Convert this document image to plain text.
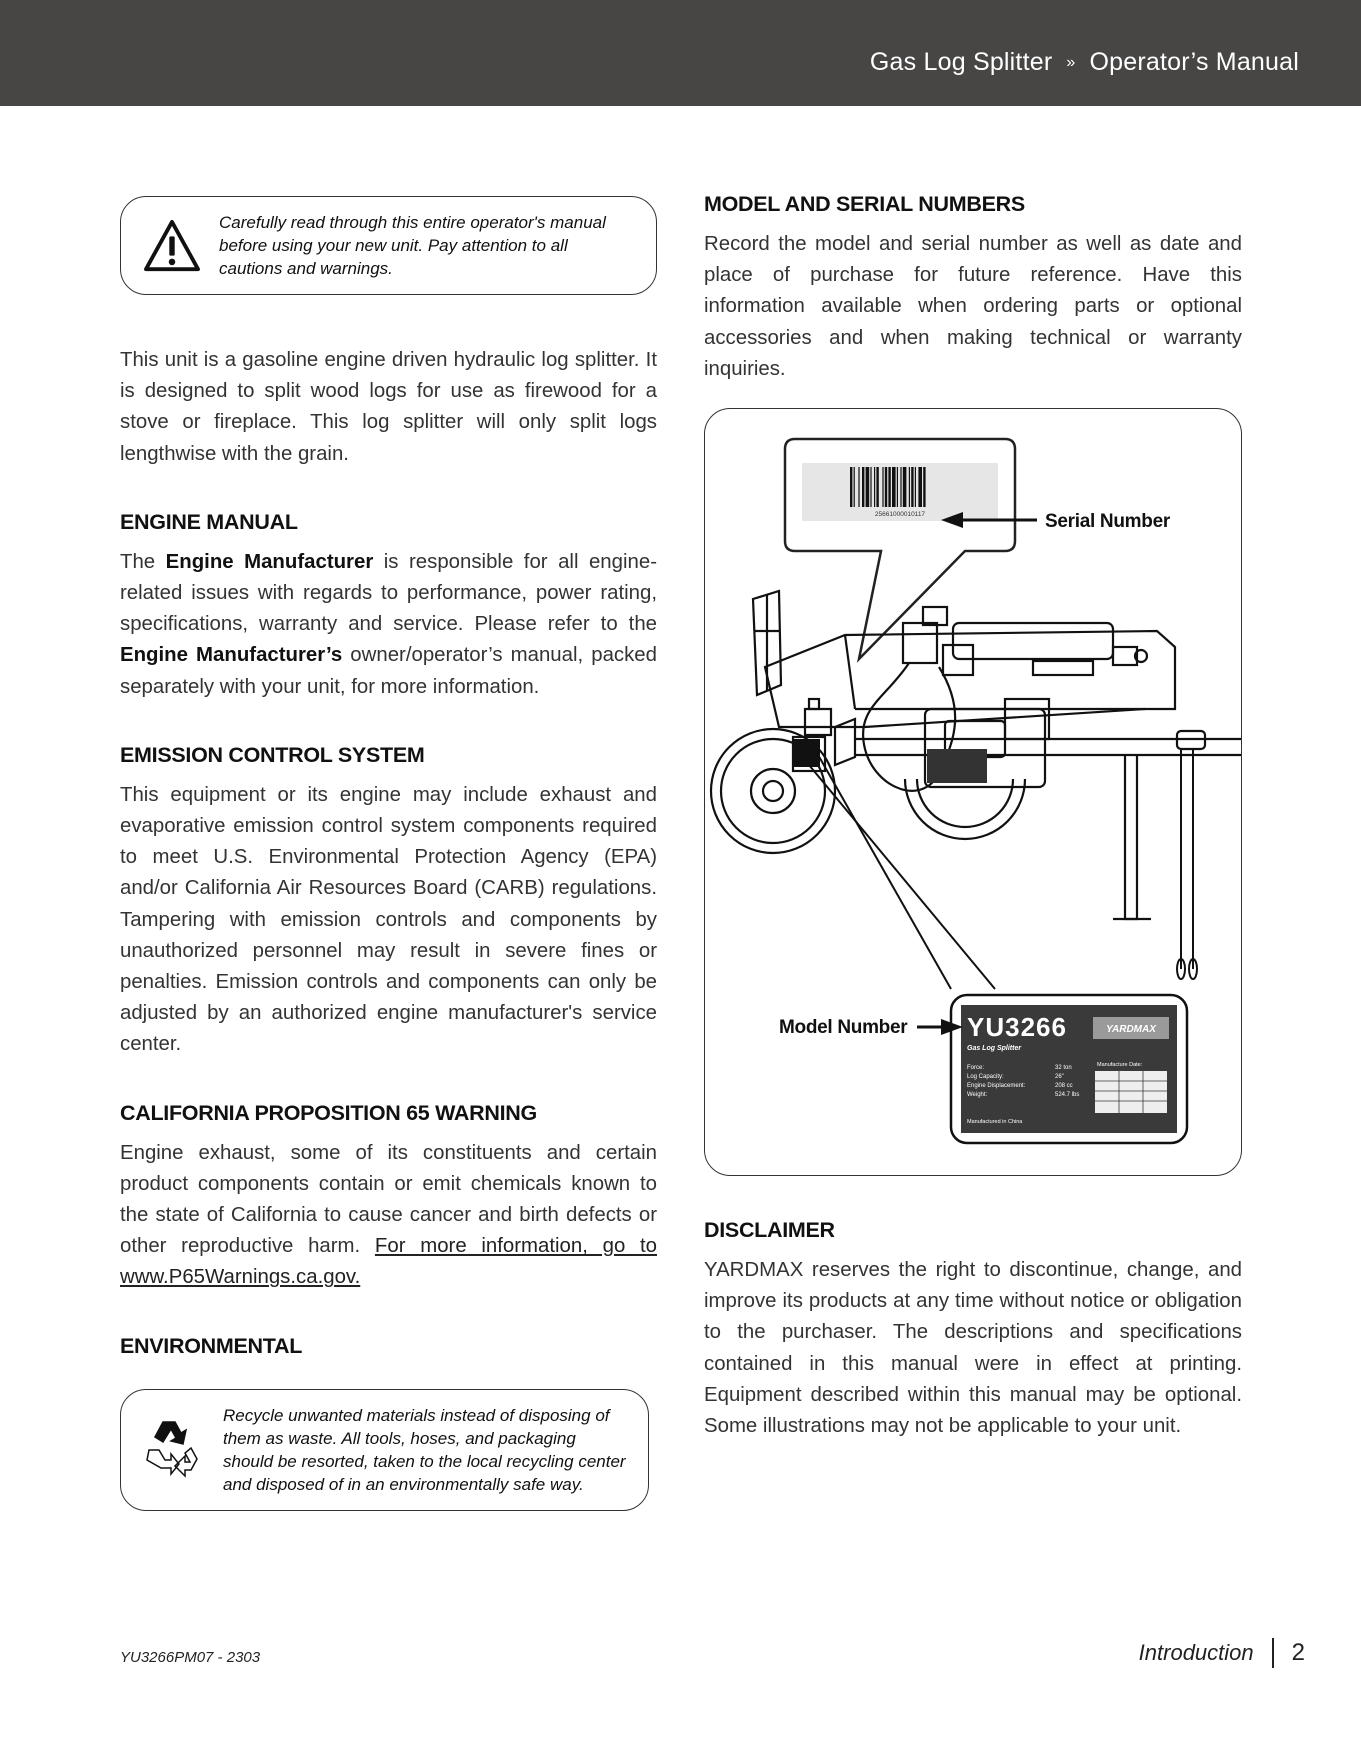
Gas Log Splitter » Operator’s Manual
Carefully read through this entire operator's manual before using your new unit. Pay attention to all cautions and warnings.

This unit is a gasoline engine driven hydraulic log splitter. It is designed to split wood logs for use as firewood for a stove or fireplace. This log splitter will only split logs lengthwise with the grain.

ENGINE MANUAL

The Engine Manufacturer is responsible for all engine-related issues with regards to performance, power rating, specifications, warranty and service. Please refer to the Engine Manufacturer’s owner/operator’s manual, packed separately with your unit, for more information.

EMISSION CONTROL SYSTEM

This equipment or its engine may include exhaust and evaporative emission control system components required to meet U.S. Environmental Protection Agency (EPA) and/or California Air Resources Board (CARB) regulations. Tampering with emission controls and components by unauthorized personnel may result in severe fines or penalties. Emission controls and components can only be adjusted by an authorized engine manufacturer's service center.

CALIFORNIA PROPOSITION 65 WARNING

Engine exhaust, some of its constituents and certain product components contain or emit chemicals known to the state of California to cause cancer and birth defects or other reproductive harm. For more information, go to www.P65Warnings.ca.gov.

ENVIRONMENTAL
Recycle unwanted materials instead of disposing of them as waste. All tools, hoses, and packaging should be resorted, taken to the local recycling center and disposed of in an environmentally safe way.
MODEL AND SERIAL NUMBERS

Record the model and serial number as well as date and place of purchase for future reference. Have this information available when ordering parts or optional accessories and when making technical or warranty inquiries.

25661000010117	Serial Number
YU3266	YARDMAX
Gas Log Splitter
Force:	32 ton
Log Capacity:	26"
Engine Displacement:	208 cc
Weight:	524.7 lbs
Manufacture Date:
Manufactured in China
Model Number
DISCLAIMER

YARDMAX reserves the right to discontinue, change, and improve its products at any time without notice or obligation to the purchaser. The descriptions and specifications contained in this manual were in effect at printing. Equipment described within this manual may be optional. Some illustrations may not be applicable to your unit.

YU3266PM07 - 2303	Introduction 2
